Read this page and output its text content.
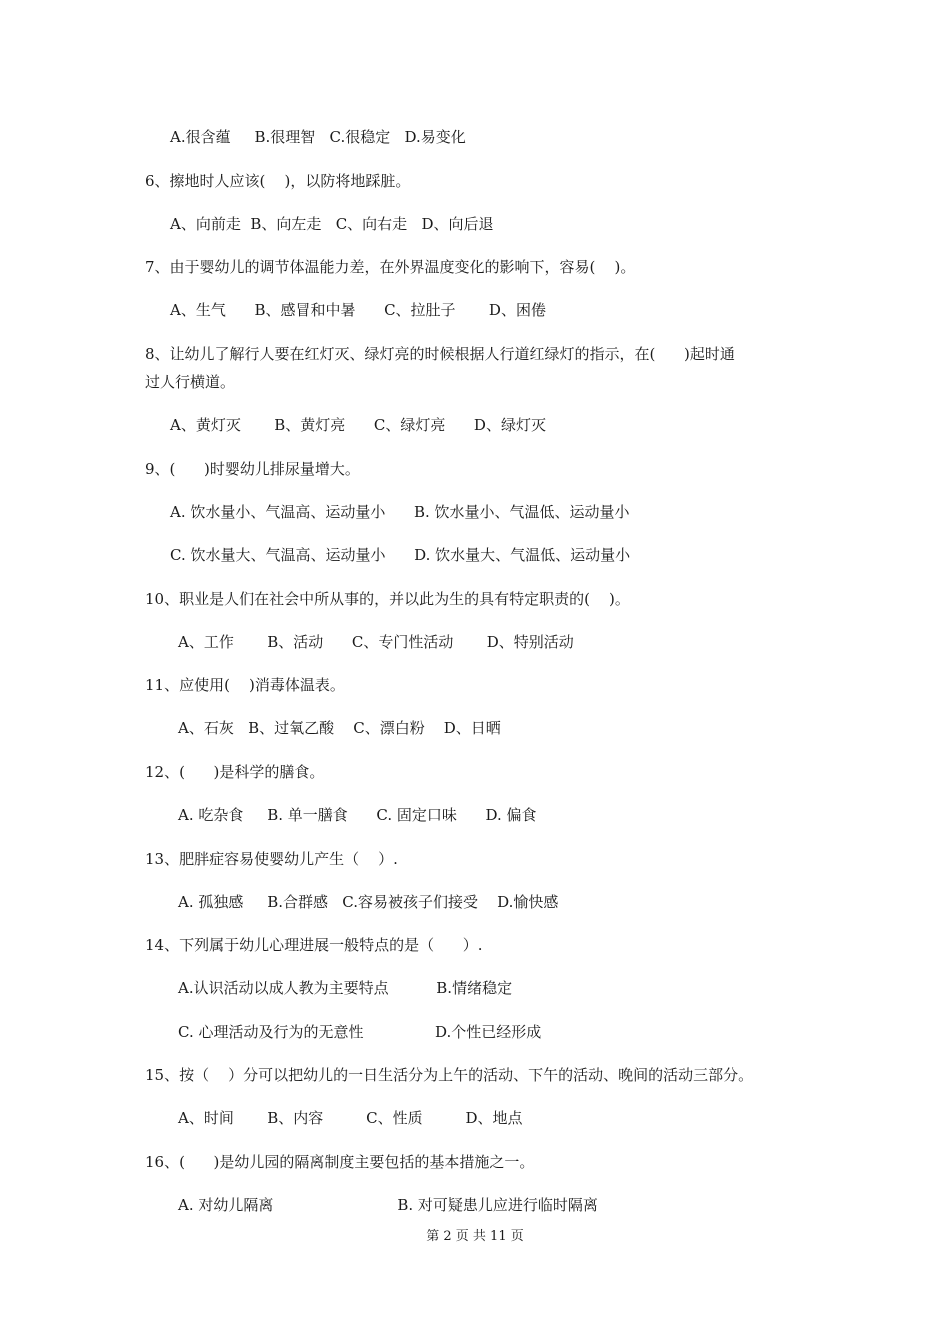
A.很含蕴     B.很理智   C.很稳定   D.易变化
6、擦地时人应该(    )，以防将地踩脏。
A、向前走  B、向左走   C、向右走   D、向后退
7、由于婴幼儿的调节体温能力差，在外界温度变化的影响下，容易(    )。
A、生气      B、感冒和中暑      C、拉肚子       D、困倦
8、让幼儿了解行人要在红灯灭、绿灯亮的时候根据人行道红绿灯的指示，在(      )起时通
过人行横道。
A、黄灯灭       B、黄灯亮      C、绿灯亮      D、绿灯灭
9、(      )时婴幼儿排尿量增大。
A. 饮水量小、气温高、运动量小      B. 饮水量小、气温低、运动量小
C. 饮水量大、气温高、运动量小      D. 饮水量大、气温低、运动量小
10、职业是人们在社会中所从事的，并以此为生的具有特定职责的(    )。
A、工作       B、活动      C、专门性活动       D、特别活动
11、应使用(    )消毒体温表。
A、石灰   B、过氧乙酸    C、漂白粉    D、日晒
12、(      )是科学的膳食。
A. 吃杂食     B. 单一膳食      C. 固定口味      D. 偏食
13、肥胖症容易使婴幼儿产生（    ）.
A. 孤独感     B.合群感   C.容易被孩子们接受    D.愉快感
14、下列属于幼儿心理进展一般特点的是（      ）.
A.认识活动以成人教为主要特点          B.情绪稳定
C. 心理活动及行为的无意性               D.个性已经形成
15、按（    ）分可以把幼儿的一日生活分为上午的活动、下午的活动、晚间的活动三部分。
A、时间       B、内容         C、性质         D、地点
16、(      )是幼儿园的隔离制度主要包括的基本措施之一。
A. 对幼儿隔离                          B. 对可疑患儿应进行临时隔离
第 2 页 共 11 页
